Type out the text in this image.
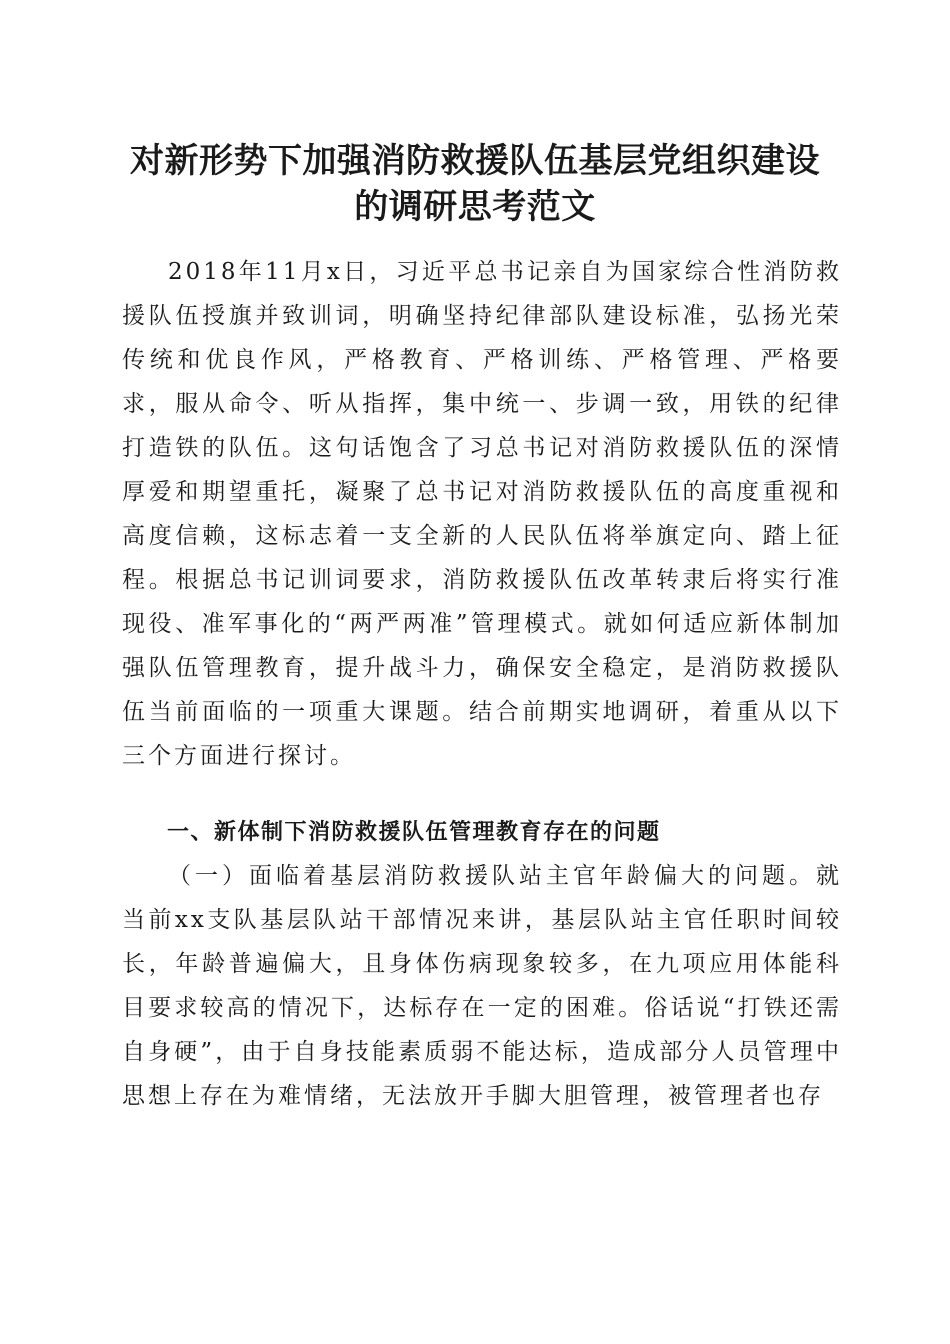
对新形势下加强消防救援队伍基层党组织建设
的调研思考范文

2018年11月x日，习近平总书记亲自为国家综合性消防救援队伍授旗并致训词，明确坚持纪律部队建设标准，弘扬光荣传统和优良作风，严格教育、严格训练、严格管理、严格要求，服从命令、听从指挥，集中统一、步调一致，用铁的纪律打造铁的队伍。这句话饱含了习总书记对消防救援队伍的深情厚爱和期望重托，凝聚了总书记对消防救援队伍的高度重视和高度信赖，这标志着一支全新的人民队伍将举旗定向、踏上征程。根据总书记训词要求，消防救援队伍改革转隶后将实行准现役、准军事化的“两严两准”管理模式。就如何适应新体制加强队伍管理教育，提升战斗力，确保安全稳定，是消防救援队伍当前面临的一项重大课题。结合前期实地调研，着重从以下三个方面进行探讨。

一、新体制下消防救援队伍管理教育存在的问题

（一）面临着基层消防救援队站主官年龄偏大的问题。就当前xx支队基层队站干部情况来讲，基层队站主官任职时间较长，年龄普遍偏大，且身体伤病现象较多，在九项应用体能科目要求较高的情况下，达标存在一定的困难。俗话说“打铁还需自身硬”，由于自身技能素质弱不能达标，造成部分人员管理中思想上存在为难情绪，无法放开手脚大胆管理，被管理者也存
